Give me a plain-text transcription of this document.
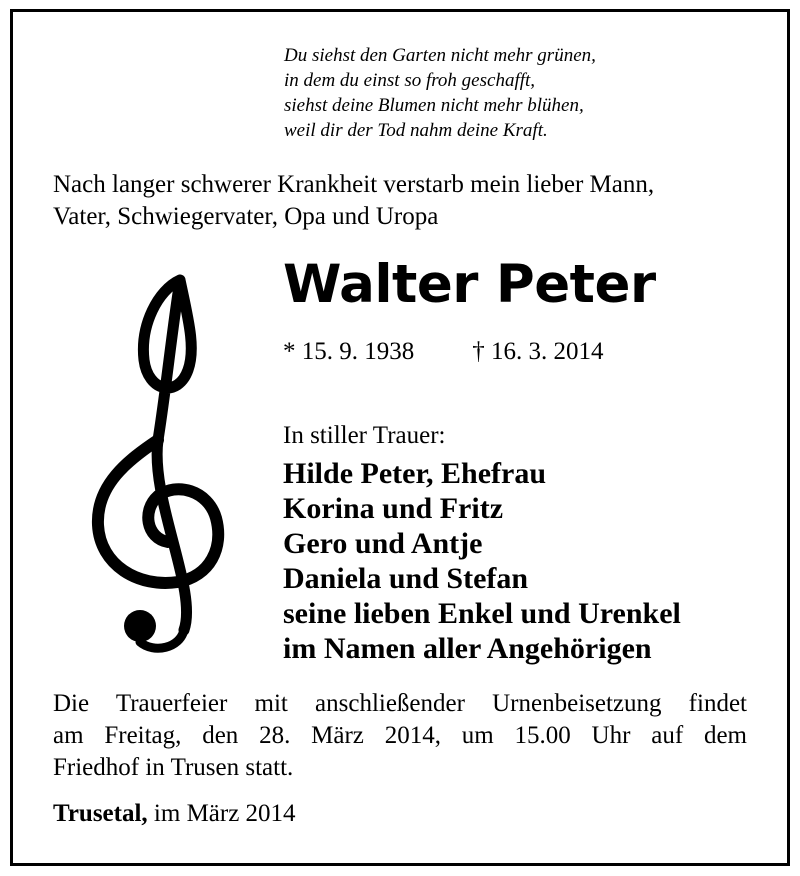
Du siehst den Garten nicht mehr grünen,
in dem du einst so froh geschafft,
siehst deine Blumen nicht mehr blühen,
weil dir der Tod nahm deine Kraft.
Nach langer schwerer Krankheit verstarb mein lieber Mann,
Vater, Schwiegervater, Opa und Uropa
Walter Peter
* 15. 9. 1938 † 16. 3. 2014
In stiller Trauer:
Hilde Peter, Ehefrau
Korina und Fritz
Gero und Antje
Daniela und Stefan
seine lieben Enkel und Urenkel
im Namen aller Angehörigen
Die Trauerfeier mit anschließender Urnenbeisetzung findet
am Freitag, den 28. März 2014, um 15.00 Uhr auf dem
Friedhof in Trusen statt.
Trusetal, im März 2014
